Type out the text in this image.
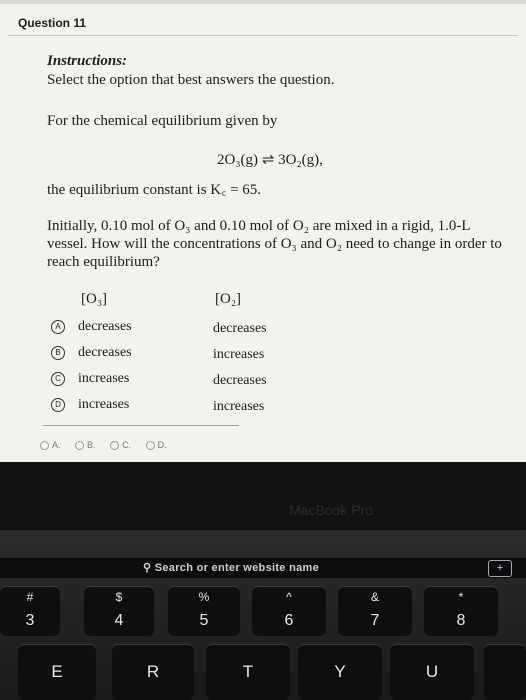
Question 11
Instructions:
Select the option that best answers the question.
For the chemical equilibrium given by
2O₃(g) ⇌ 3O₂(g),
the equilibrium constant is K꜀ = 65.
Initially, 0.10 mol of O₃ and 0.10 mol of O₂ are mixed in a rigid, 1.0-L vessel. How will the concentrations of O₃ and O₂ need to change in order to reach equilibrium?
[O₃]	[O₂]
A decreases	decreases
B decreases	increases
C increases	decreases
D increases	increases
A.	B.	C.	D.
MacBook Pro
⚲ Search or enter website name	+
#
3
$
4
%
5
^
6
&
7
*
8
E	R	T	Y	U
